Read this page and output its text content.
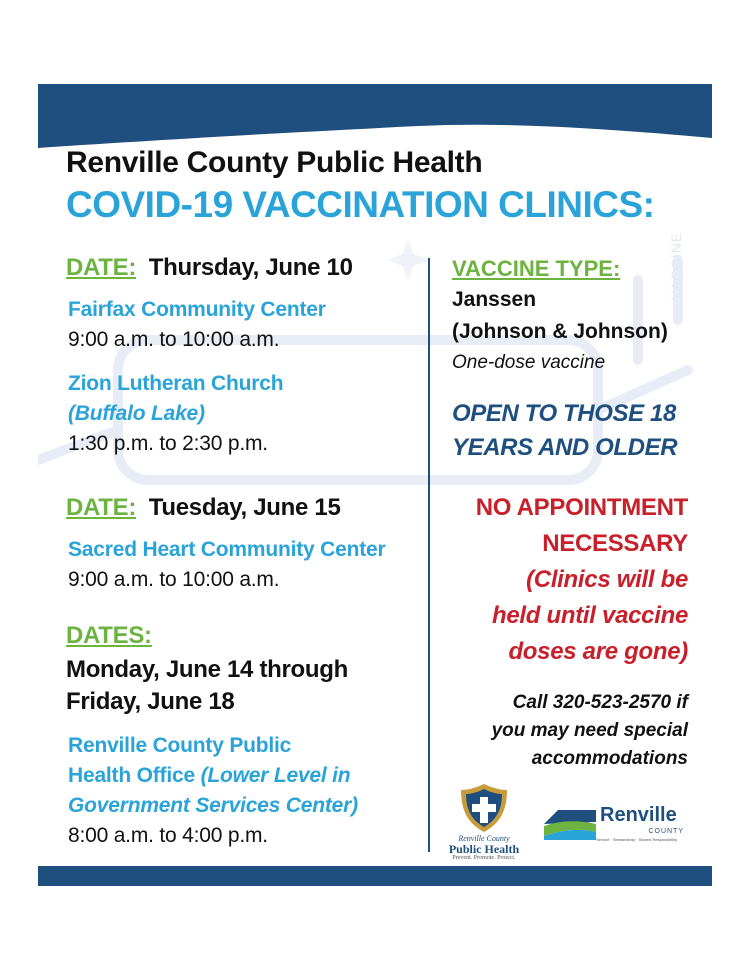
Renville County Public Health
COVID-19 VACCINATION CLINICS:
DATE: Thursday, June 10
Fairfax Community Center
9:00 a.m. to 10:00 a.m.
Zion Lutheran Church
(Buffalo Lake)
1:30 p.m. to 2:30 p.m.
DATE: Tuesday, June 15
Sacred Heart Community Center
9:00 a.m. to 10:00 a.m.
DATES:
Monday, June 14 through
Friday, June 18
Renville County Public
Health Office (Lower Level in
Government Services Center)
8:00 a.m. to 4:00 p.m.
VACCINE TYPE:
Janssen
(Johnson & Johnson)
One-dose vaccine
OPEN TO THOSE 18
YEARS AND OLDER
NO APPOINTMENT
NECESSARY
(Clinics will be
held until vaccine
doses are gone)
Call 320-523-2570 if
you may need special
accommodations
Renville County
Public Health
Prevent. Promote. Protect.
Renville
COUNTY
Service · Stewardship · Shared Responsibility
VACCINE
